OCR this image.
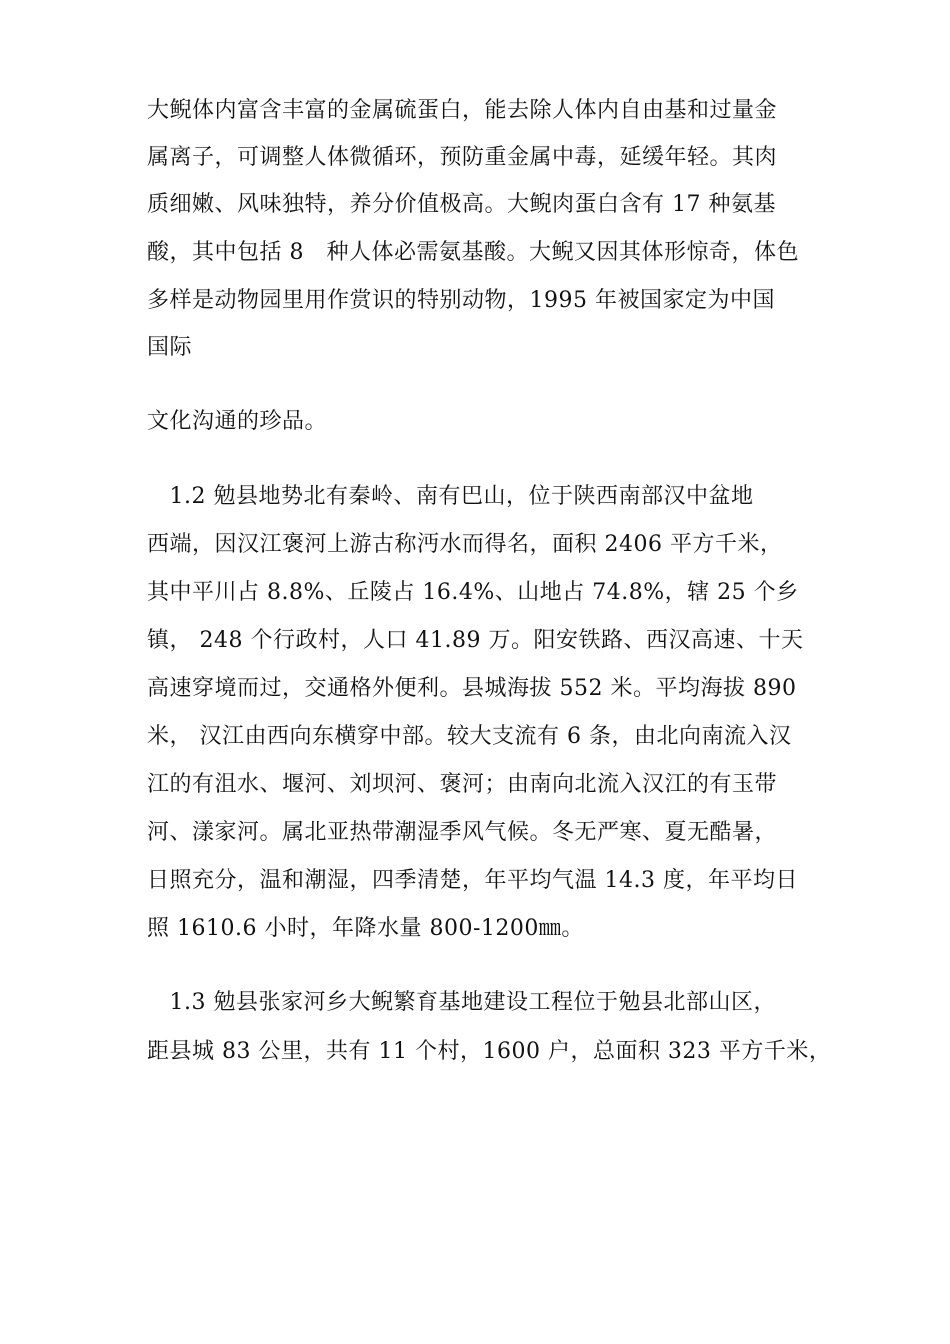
大鲵体内富含丰富的金属硫蛋白，能去除人体内自由基和过量金
属离子，可调整人体微循环，预防重金属中毒，延缓年轻。其肉
质细嫩、风味独特，养分价值极高。大鲵肉蛋白含有 17 种氨基
酸，其中包括 8   种人体必需氨基酸。大鲵又因其体形惊奇，体色
多样是动物园里用作赏识的特别动物，1995 年被国家定为中国
国际
文化沟通的珍品。
1.2 勉县地势北有秦岭、南有巴山，位于陕西南部汉中盆地
西端，因汉江褒河上游古称沔水而得名，面积 2406 平方千米，
其中平川占 8.8%、丘陵占 16.4%、山地占 74.8%，辖 25 个乡
镇， 248 个行政村，人口 41.89 万。阳安铁路、西汉高速、十天
高速穿境而过，交通格外便利。县城海拔 552 米。平均海拔 890
米， 汉江由西向东横穿中部。较大支流有 6 条，由北向南流入汉
江的有沮水、堰河、刘坝河、褒河；由南向北流入汉江的有玉带
河、漾家河。属北亚热带潮湿季风气候。冬无严寒、夏无酷暑，
日照充分，温和潮湿，四季清楚，年平均气温 14.3 度，年平均日
照 1610.6 小时，年降水量 800-1200㎜。
1.3 勉县张家河乡大鲵繁育基地建设工程位于勉县北部山区，
距县城 83 公里，共有 11 个村，1600 户，总面积 323 平方千米，
